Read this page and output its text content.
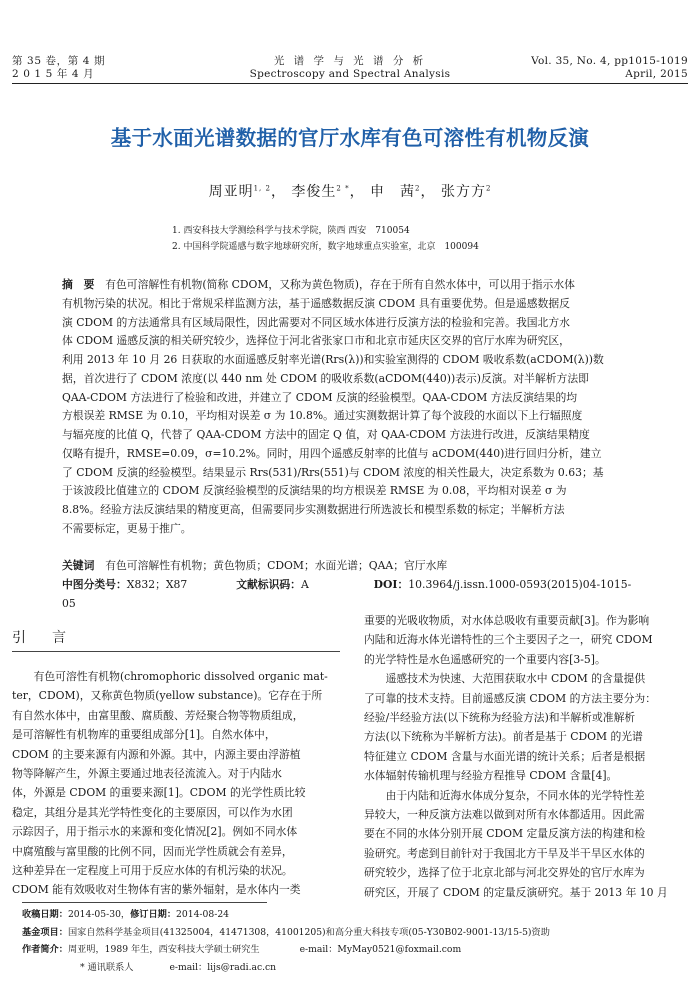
第 35 卷，第 4 期
2 0 1 5 年 4 月
光 谱 学 与 光 谱 分 析
Spectroscopy and Spectral Analysis
Vol. 35, No. 4, pp1015-1019
April, 2015
基于水面光谱数据的官厅水库有色可溶性有机物反演
周亚明$^{1, 2}$， 李俊生$^{2 *}$， 申　茜$^2$， 张方方$^2$
1. 西安科技大学测绘科学与技术学院，陕西 西安　710054
2. 中国科学院遥感与数字地球研究所，数字地球重点实验室，北京　100094
摘　要　 有色可溶解性有机物(简称 CDOM，又称为黄色物质)，存在于所有自然水体中，可以用于指示水体
有机物污染的状况。相比于常规采样监测方法，基于遥感数据反演 CDOM 具有重要优势。但是遥感数据反
演 CDOM 的方法通常具有区域局限性，因此需要对不同区域水体进行反演方法的检验和完善。我国北方水
体 CDOM 遥感反演的相关研究较少，选择位于河北省张家口市和北京市延庆区交界的官厅水库为研究区，
利用 2013 年 10 月 26 日获取的水面遥感反射率光谱(Rrs(λ))和实验室测得的 CDOM 吸收系数(aCDOM(λ))数
据，首次进行了 CDOM 浓度(以 440 nm 处 CDOM 的吸收系数(aCDOM(440))表示)反演。对半解析方法即
QAA-CDOM 方法进行了检验和改进，并建立了 CDOM 反演的经验模型。QAA-CDOM 方法反演结果的均
方根误差 RMSE 为 0.10，平均相对误差 σ 为 10.8%。通过实测数据计算了每个波段的水面以下上行辐照度
与辐亮度的比值 Q，代替了 QAA-CDOM 方法中的固定 Q 值，对 QAA-CDOM 方法进行改进，反演结果精度
仅略有提升，RMSE=0.09，σ=10.2%。同时，用四个遥感反射率的比值与 aCDOM(440)进行回归分析，建立
了 CDOM 反演的经验模型。结果显示 Rrs(531)/Rrs(551)与 CDOM 浓度的相关性最大，决定系数为 0.63；基
于该波段比值建立的 CDOM 反演经验模型的反演结果的均方根误差 RMSE 为 0.08，平均相对误差 σ 为
8.8%。经验方法反演结果的精度更高，但需要同步实测数据进行所选波长和模型系数的标定；半解析方法
不需要标定，更易于推广。
关键词　 有色可溶解性有机物；黄色物质；CDOM；水面光谱；QAA；官厅水库
中图分类号：X832；X87	文献标识码：A	DOI：10.3964/j.issn.1000-0593(2015)04-1015-05
引　言
有色可溶性有机物(chromophoric dissolved organic mat-
ter，CDOM)，又称黄色物质(yellow substance)。它存在于所
有自然水体中，由富里酸、腐质酸、芳烃聚合物等物质组成，
是可溶解性有机物库的重要组成部分[1]。自然水体中，
CDOM 的主要来源有内源和外源。其中，内源主要由浮游植
物等降解产生，外源主要通过地表径流流入。对于内陆水
体，外源是 CDOM 的重要来源[1]。CDOM 的光学性质比较
稳定，其组分是其光学特性变化的主要原因，可以作为水团
示踪因子，用于指示水的来源和变化情况[2]。例如不同水体
中腐殖酸与富里酸的比例不同，因而光学性质就会有差异，
这种差异在一定程度上可用于反应水体的有机污染的状况。
CDOM 能有效吸收对生物体有害的紫外辐射，是水体内一类
重要的光吸收物质，对水体总吸收有重要贡献[3]。作为影响
内陆和近海水体光谱特性的三个主要因子之一，研究 CDOM
的光学特性是水色遥感研究的一个重要内容[3-5]。
遥感技术为快速、大范围获取水中 CDOM 的含量提供
了可靠的技术支持。目前遥感反演 CDOM 的方法主要分为：
经验/半经验方法(以下统称为经验方法)和半解析或准解析
方法(以下统称为半解析方法)。前者是基于 CDOM 的光谱
特征建立 CDOM 含量与水面光谱的统计关系；后者是根据
水体辐射传输机理与经验方程推导 CDOM 含量[4]。
由于内陆和近海水体成分复杂，不同水体的光学特性差
异较大，一种反演方法难以做到对所有水体都适用。因此需
要在不同的水体分别开展 CDOM 定量反演方法的构建和检
验研究。考虑到目前针对于我国北方干旱及半干旱区水体的
研究较少，选择了位于北京北部与河北交界处的官厅水库为
研究区，开展了 CDOM 的定量反演研究。基于 2013 年 10 月
收稿日期：2014-05-30，修订日期：2014-08-24
基金项目：国家自然科学基金项目(41325004，41471308，41001205)和高分重大科技专项(05-Y30B02-9001-13/15-5)资助
作者简介：周亚明，1989 年生，西安科技大学硕士研究生	e-mail：MyMay0521@foxmail.com
* 通讯联系人	e-mail：lijs@radi.ac.cn
